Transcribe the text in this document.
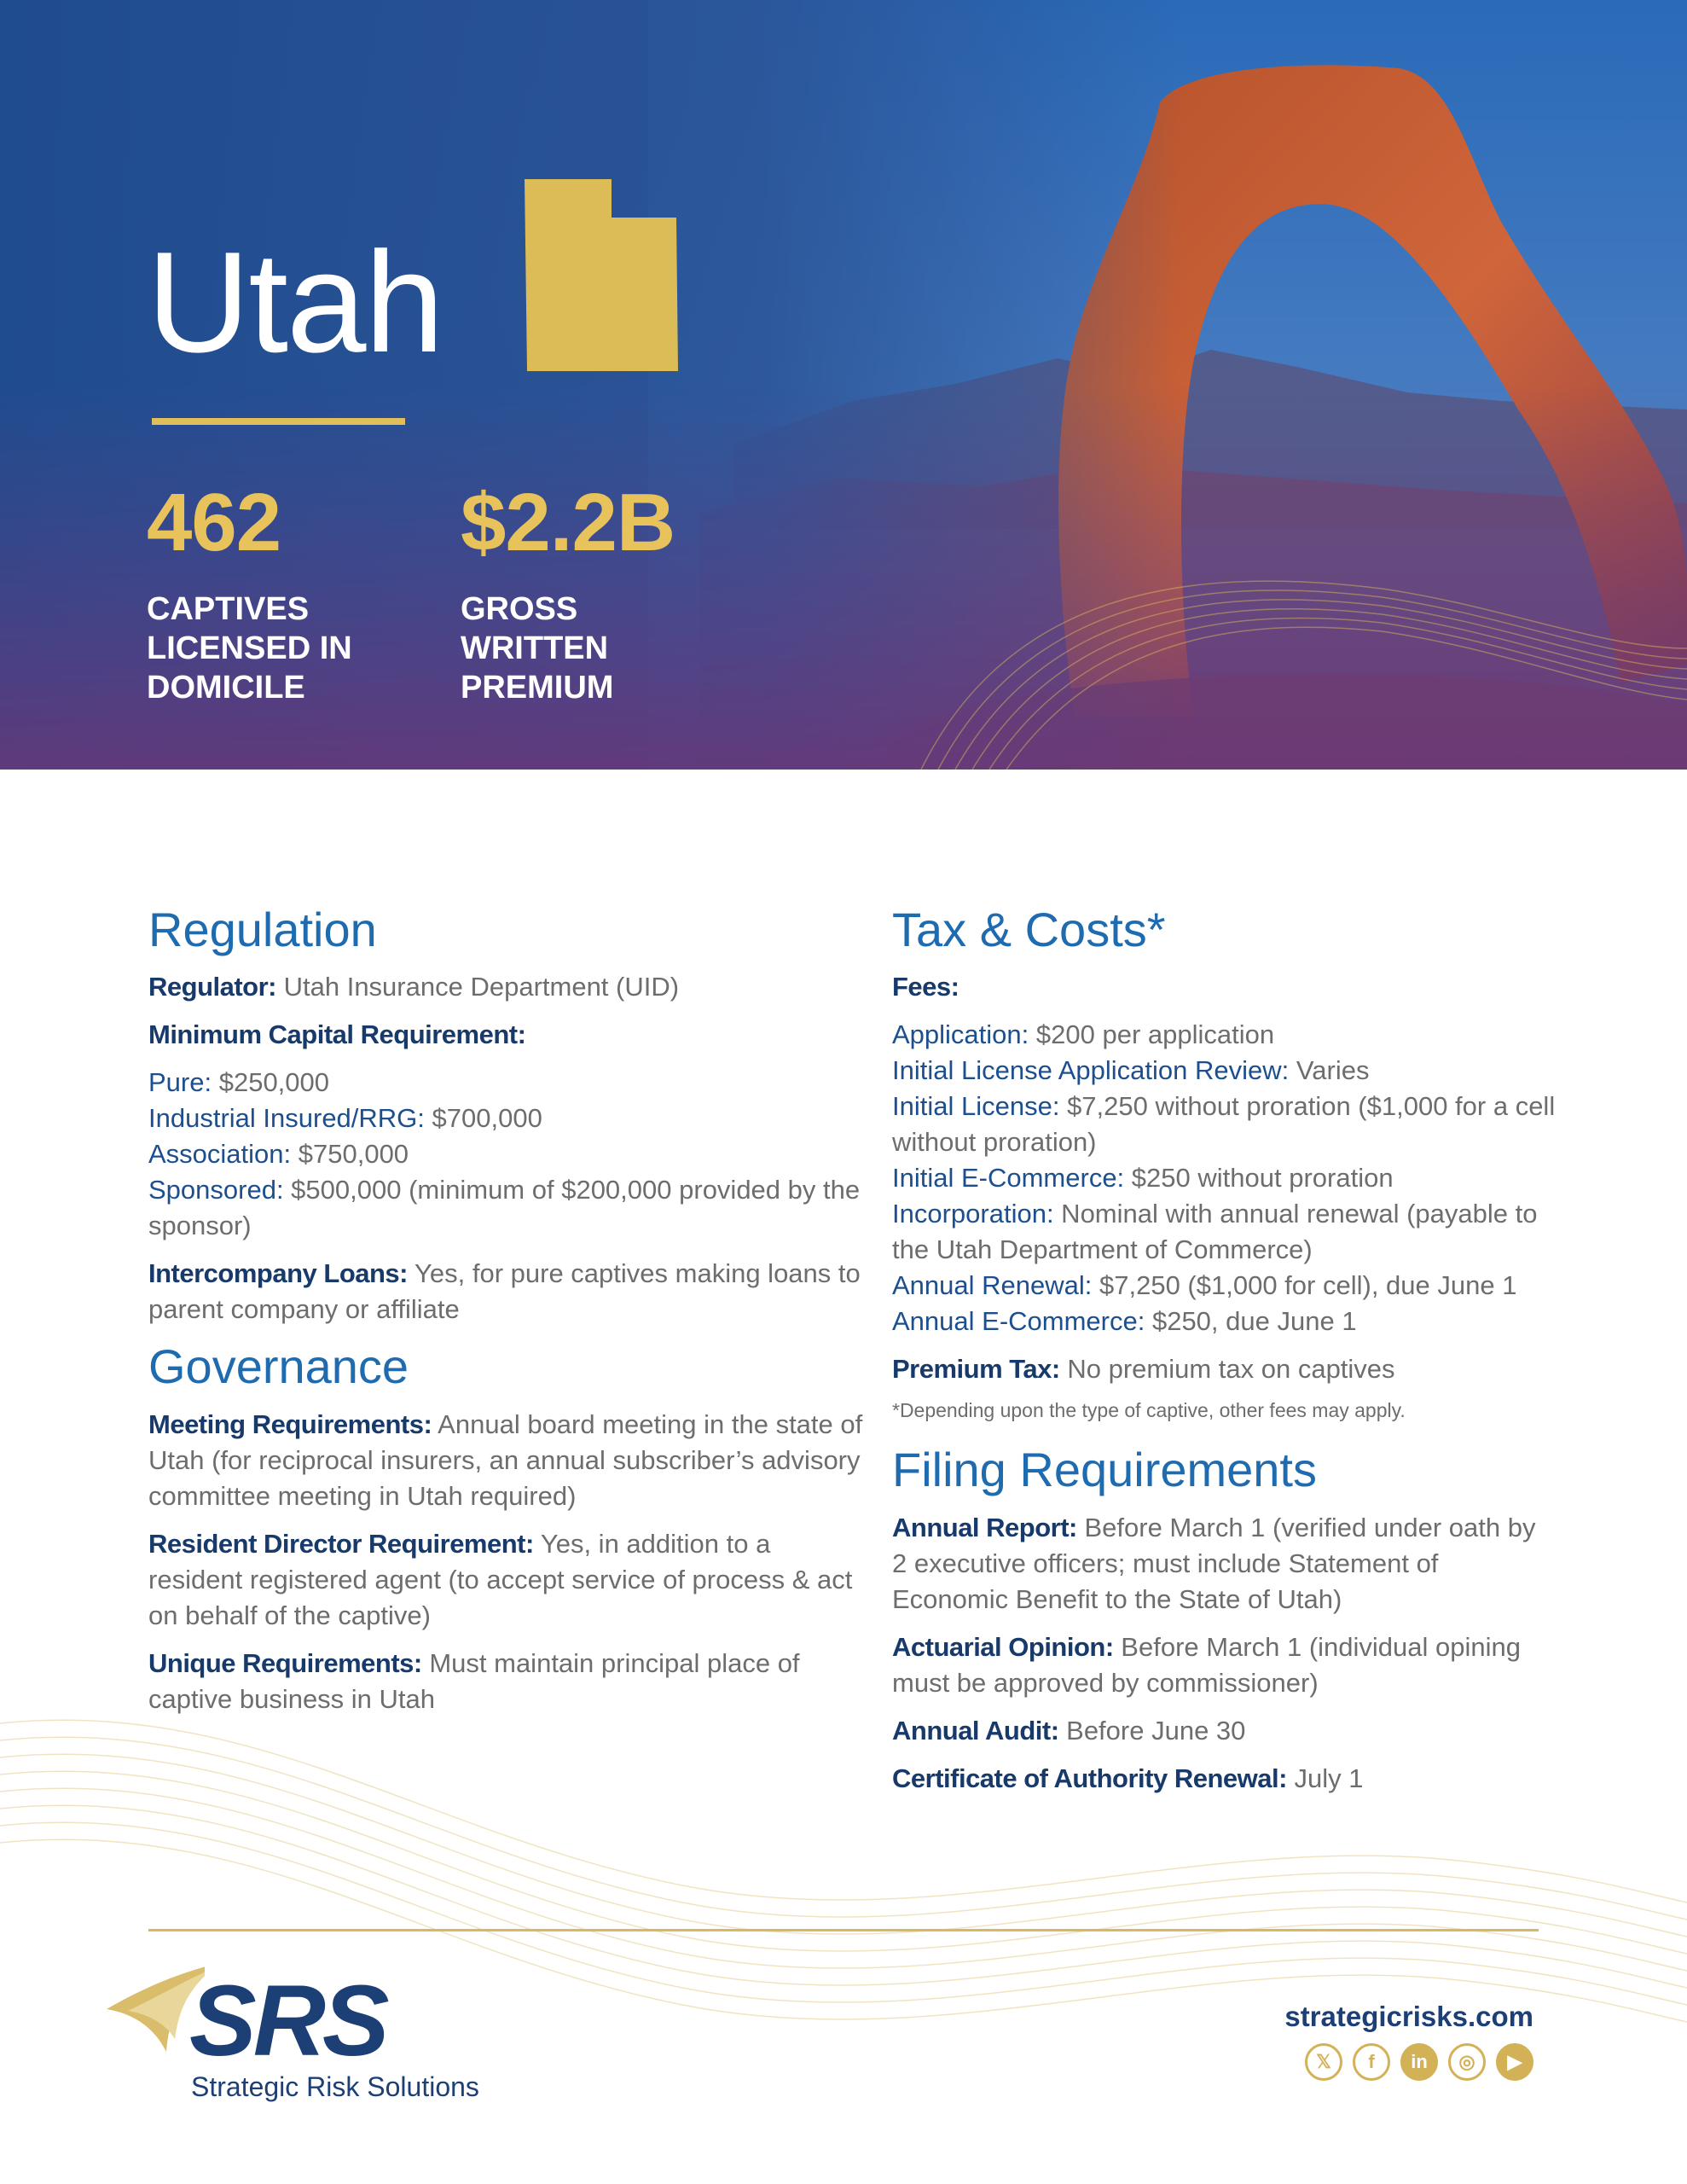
Utah
462
CAPTIVES LICENSED IN DOMICILE
$2.2B
GROSS WRITTEN PREMIUM
Regulation

Regulator: Utah Insurance Department (UID)

Minimum Capital Requirement:

Pure: $250,000
Industrial Insured/RRG: $700,000
Association: $750,000
Sponsored: $500,000 (minimum of $200,000 provided by the sponsor)

Intercompany Loans: Yes, for pure captives making loans to parent company or affiliate

Governance

Meeting Requirements: Annual board meeting in the state of Utah (for reciprocal insurers, an annual subscriber’s advisory committee meeting in Utah required)

Resident Director Requirement: Yes, in addition to a resident registered agent (to accept service of process & act on behalf of the captive)

Unique Requirements: Must maintain principal place of captive business in Utah

Tax & Costs*

Fees:

Application: $200 per application
Initial License Application Review: Varies
Initial License: $7,250 without proration ($1,000 for a cell without proration)
Initial E-Commerce: $250 without proration
Incorporation: Nominal with annual renewal (payable to the Utah Department of Commerce)
Annual Renewal: $7,250 ($1,000 for cell), due June 1
Annual E-Commerce: $250, due June 1

Premium Tax: No premium tax on captives

*Depending upon the type of captive, other fees may apply.
Filing Requirements

Annual Report: Before March 1 (verified under oath by 2 executive officers; must include Statement of Economic Benefit to the State of Utah)

Actuarial Opinion: Before March 1 (individual opining must be approved by commissioner)

Annual Audit: Before June 30

Certificate of Authority Renewal: July 1

SRS
Strategic Risk Solutions
strategicrisks.com
𝕏	f	in	◎	▶
